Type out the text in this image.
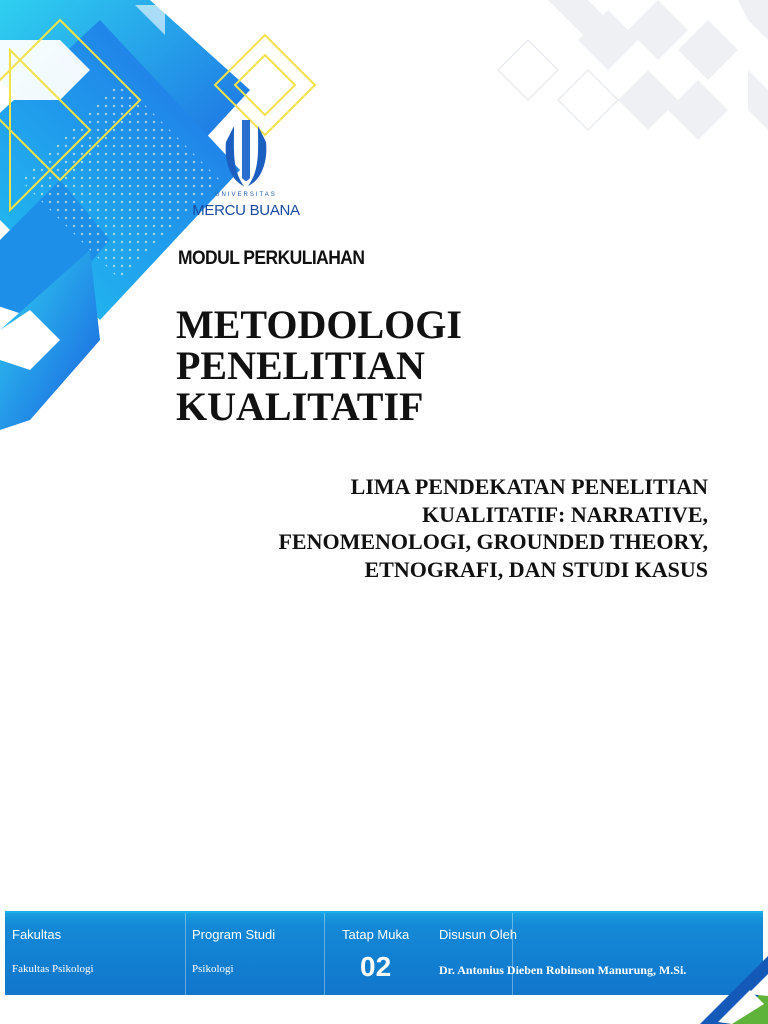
UNIVERSITAS
MERCU BUANA
MODUL PERKULIAHAN
METODOLOGI
PENELITIAN
KUALITATIF
LIMA PENDEKATAN PENELITIAN
KUALITATIF: NARRATIVE,
FENOMENOLOGI, GROUNDED THEORY,
ETNOGRAFI, DAN STUDI KASUS
Fakultas
Fakultas Psikologi
Program Studi
Psikologi
Tatap Muka
02
Disusun Oleh
Dr. Antonius Dieben Robinson Manurung, M.Si.
